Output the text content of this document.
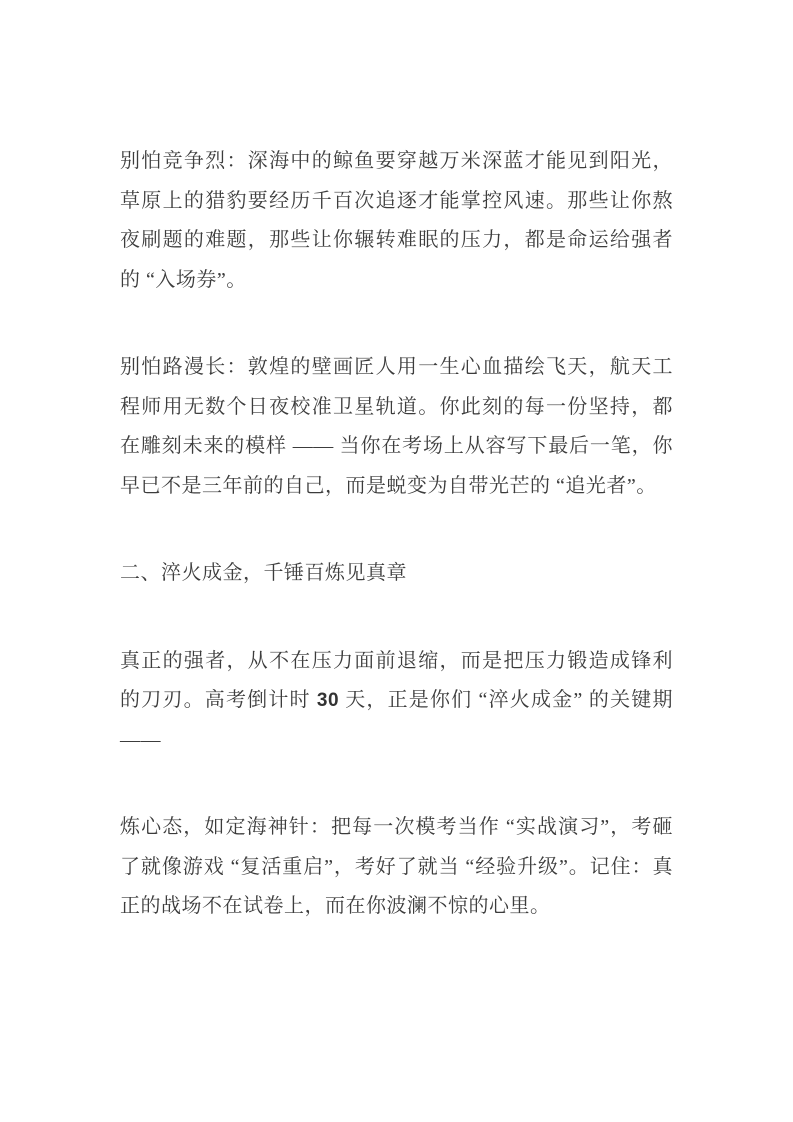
别怕竞争烈：深海中的鲸鱼要穿越万米深蓝才能见到阳光，草原上的猎豹要经历千百次追逐才能掌控风速。那些让你熬夜刷题的难题，那些让你辗转难眠的压力，都是命运给强者的 “入场券”。

别怕路漫长：敦煌的壁画匠人用一生心血描绘飞天，航天工程师用无数个日夜校准卫星轨道。你此刻的每一份坚持，都在雕刻未来的模样 —— 当你在考场上从容写下最后一笔，你早已不是三年前的自己，而是蜕变为自带光芒的 “追光者”。

二、淬火成金，千锤百炼见真章

真正的强者，从不在压力面前退缩，而是把压力锻造成锋利的刀刃。高考倒计时 30 天，正是你们 “淬火成金” 的关键期 ——

炼心态，如定海神针：把每一次模考当作 “实战演习”，考砸了就像游戏 “复活重启”，考好了就当 “经验升级”。记住：真正的战场不在试卷上，而在你波澜不惊的心里。
